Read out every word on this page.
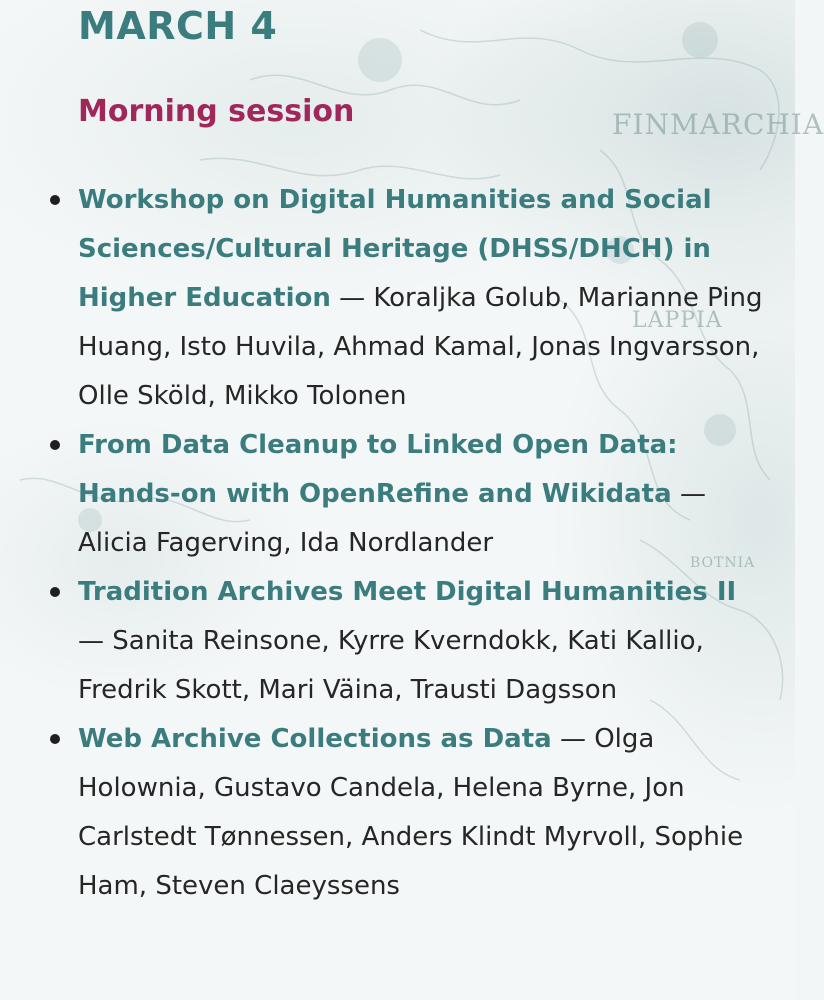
FINMARCHIA
LAPPIA
BOTNIA
MARCH 4
Morning session
Workshop on Digital Humanities and Social Sciences/Cultural Heritage (DHSS/DHCH) in Higher Education — Koraljka Golub, Marianne Ping Huang, Isto Huvila, Ahmad Kamal, Jonas Ingvarsson, Olle Sköld, Mikko Tolonen
From Data Cleanup to Linked Open Data: Hands-on with OpenRefine and Wikidata — Alicia Fagerving, Ida Nordlander
Tradition Archives Meet Digital Humanities II — Sanita Reinsone, Kyrre Kverndokk, Kati Kallio, Fredrik Skott, Mari Väina, Trausti Dagsson
Web Archive Collections as Data — Olga Holownia, Gustavo Candela, Helena Byrne, Jon Carlstedt Tønnessen, Anders Klindt Myrvoll, Sophie Ham, Steven Claeyssens
